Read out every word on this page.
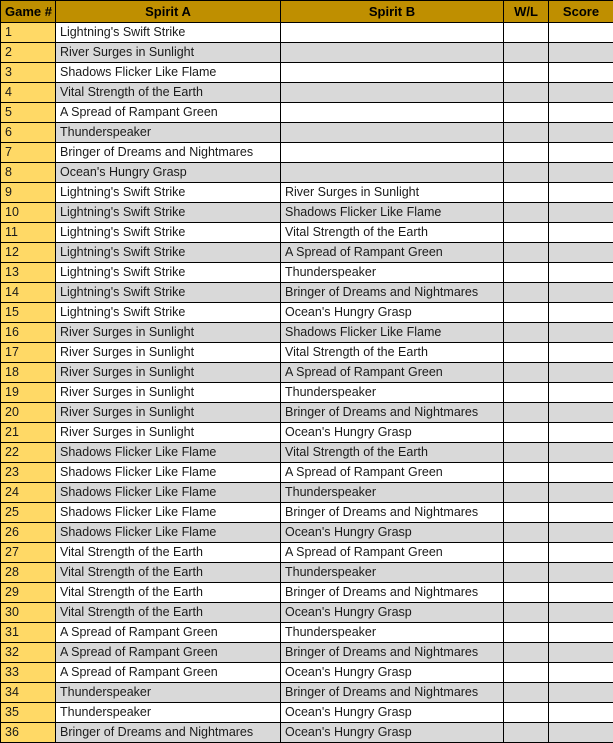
Game #	Spirit A	Spirit B	W/L	Score
1	Lightning's Swift Strike			
2	River Surges in Sunlight			
3	Shadows Flicker Like Flame			
4	Vital Strength of the Earth			
5	A Spread of Rampant Green			
6	Thunderspeaker			
7	Bringer of Dreams and Nightmares			
8	Ocean's Hungry Grasp			
9	Lightning's Swift Strike	River Surges in Sunlight		
10	Lightning's Swift Strike	Shadows Flicker Like Flame		
11	Lightning's Swift Strike	Vital Strength of the Earth		
12	Lightning's Swift Strike	A Spread of Rampant Green		
13	Lightning's Swift Strike	Thunderspeaker		
14	Lightning's Swift Strike	Bringer of Dreams and Nightmares		
15	Lightning's Swift Strike	Ocean's Hungry Grasp		
16	River Surges in Sunlight	Shadows Flicker Like Flame		
17	River Surges in Sunlight	Vital Strength of the Earth		
18	River Surges in Sunlight	A Spread of Rampant Green		
19	River Surges in Sunlight	Thunderspeaker		
20	River Surges in Sunlight	Bringer of Dreams and Nightmares		
21	River Surges in Sunlight	Ocean's Hungry Grasp		
22	Shadows Flicker Like Flame	Vital Strength of the Earth		
23	Shadows Flicker Like Flame	A Spread of Rampant Green		
24	Shadows Flicker Like Flame	Thunderspeaker		
25	Shadows Flicker Like Flame	Bringer of Dreams and Nightmares		
26	Shadows Flicker Like Flame	Ocean's Hungry Grasp		
27	Vital Strength of the Earth	A Spread of Rampant Green		
28	Vital Strength of the Earth	Thunderspeaker		
29	Vital Strength of the Earth	Bringer of Dreams and Nightmares		
30	Vital Strength of the Earth	Ocean's Hungry Grasp		
31	A Spread of Rampant Green	Thunderspeaker		
32	A Spread of Rampant Green	Bringer of Dreams and Nightmares		
33	A Spread of Rampant Green	Ocean's Hungry Grasp		
34	Thunderspeaker	Bringer of Dreams and Nightmares		
35	Thunderspeaker	Ocean's Hungry Grasp		
36	Bringer of Dreams and Nightmares	Ocean's Hungry Grasp		
